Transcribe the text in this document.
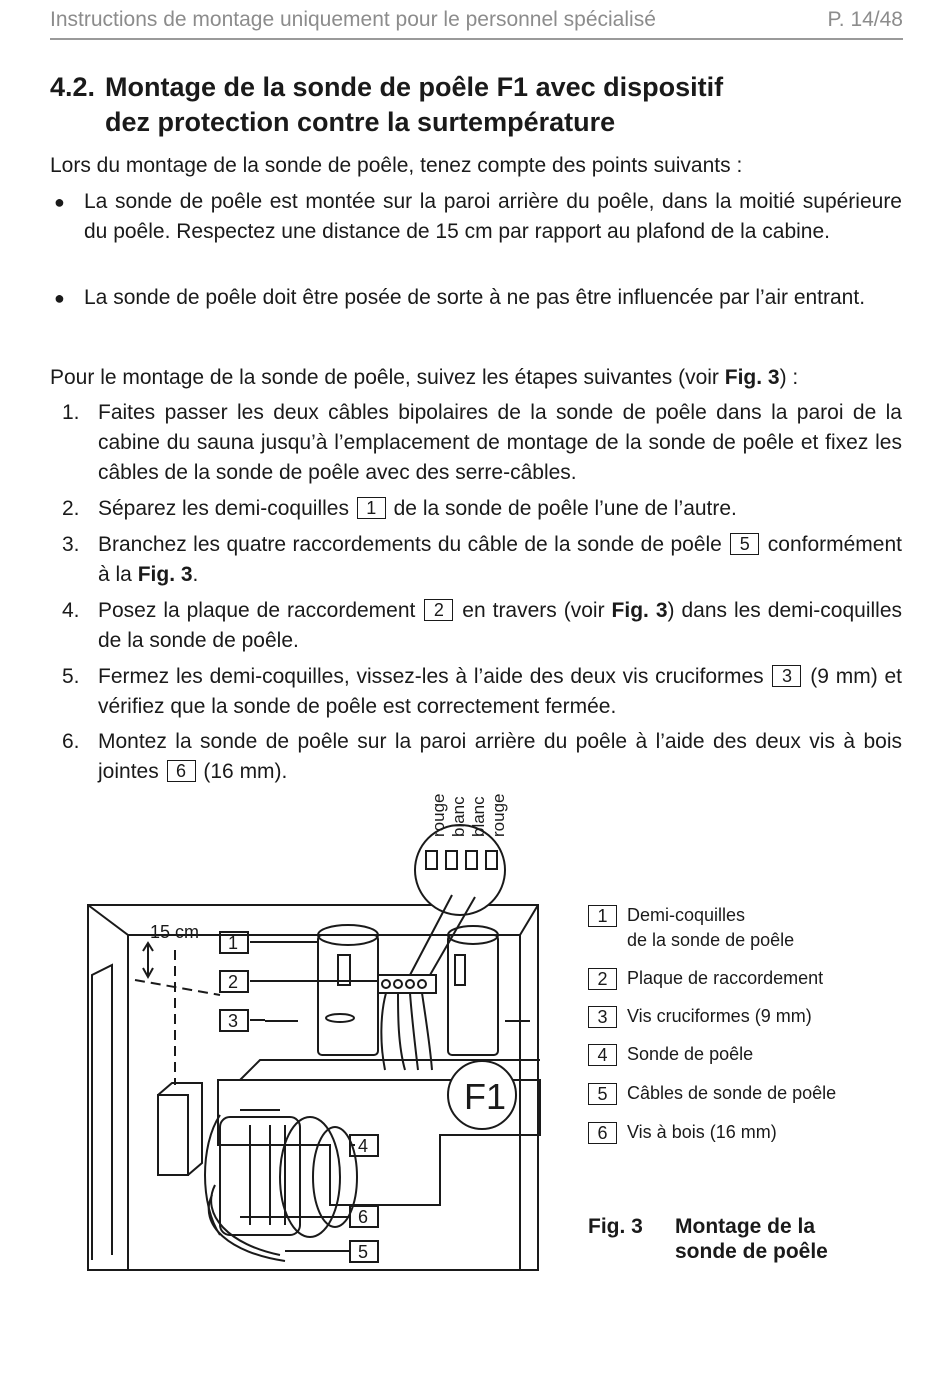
Instructions de montage uniquement pour le personnel spécialisé	P. 14/48
4.2. Montage de la sonde de poêle F1 avec dispositif
dez protection contre la surtempérature
Lors du montage de la sonde de poêle, tenez compte des points suivants :
● La sonde de poêle est montée sur la paroi arrière du poêle, dans la moitié supérieure du poêle. Respectez une distance de 15 cm par rapport au plafond de la cabine.
● La sonde de poêle doit être posée de sorte à ne pas être influencée par l’air entrant.
Pour le montage de la sonde de poêle, suivez les étapes suivantes (voir Fig. 3) :
1. Faites passer les deux câbles bipolaires de la sonde de poêle dans la paroi de la cabine du sauna jusqu’à l’emplacement de montage de la sonde de poêle et fixez les câbles de la sonde de poêle avec des serre-câbles.
2. Séparez les demi-coquilles 1 de la sonde de poêle l’une de l’autre.
3. Branchez les quatre raccordements du câble de la sonde de poêle 5 conformément à la Fig. 3.
4. Posez la plaque de raccordement 2 en travers (voir Fig. 3) dans les demi-coquilles de la sonde de poêle.
5. Fermez les demi-coquilles, vissez-les à l’aide des deux vis cruciformes 3 (9 mm) et vérifiez que la sonde de poêle est correctement fermée.
6. Montez la sonde de poêle sur la paroi arrière du poêle à l’aide des deux vis à bois jointes 6 (16 mm).
rouge blanc blanc rouge
15 cm
F1
1
2
3
4
6
5
1	Demi-coquilles
de la sonde de poêle
2	Plaque de raccordement
3	Vis cruciformes (9 mm)
4	Sonde de poêle
5	Câbles de sonde de poêle
6	Vis à bois (16 mm)
Fig. 3	Montage de la
sonde de poêle
